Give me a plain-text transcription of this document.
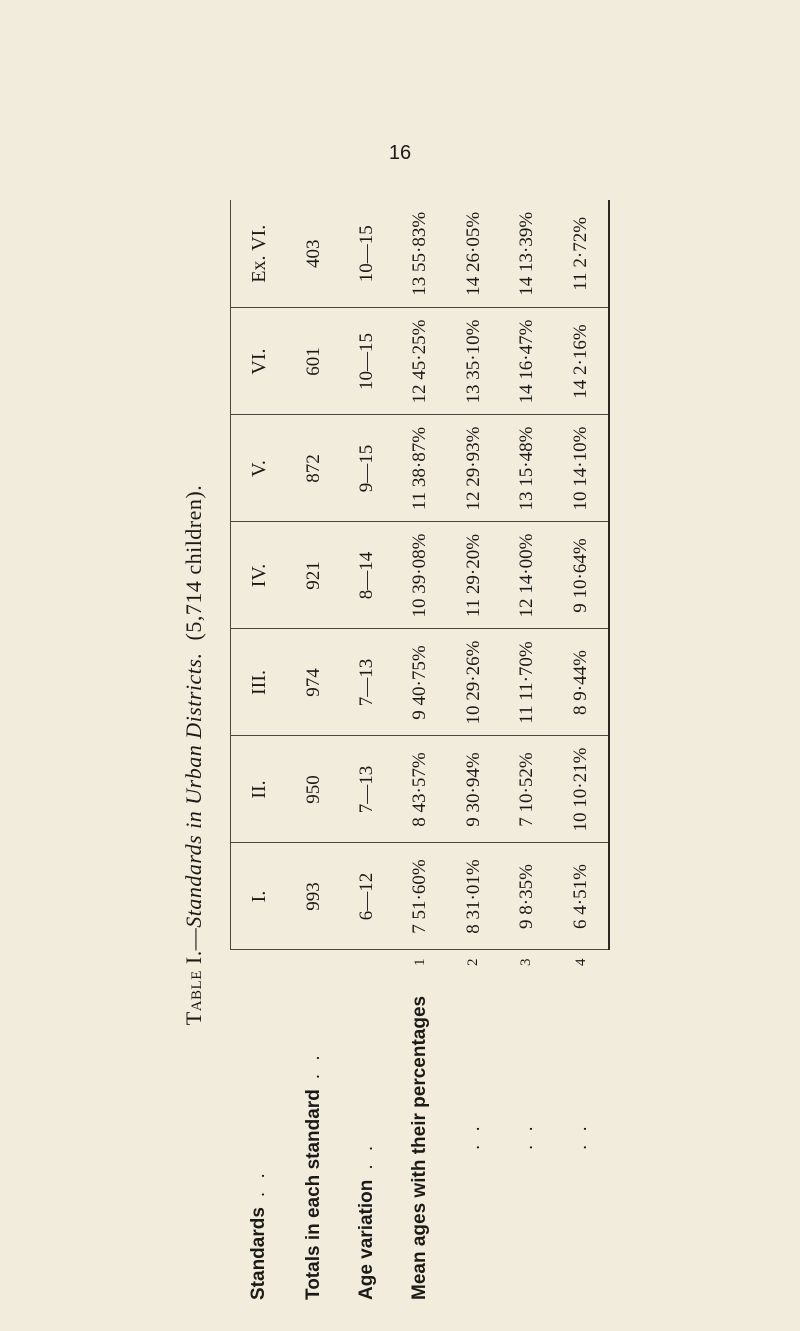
16
Table I.—Standards in Urban Districts.  (5,714 children).
Standards. .		I.	II.	III.	IV.	V.	VI.	Ex. VI.
Totals in each standard. .		993	950	974	921	872	601	403
Age variation. .		6—12	7—13	7—13	8—14	9—15	10—15	10—15
Mean ages with their percentages	1	7 51·60%	8 43·57%	9 40·75%	10 39·08%	11 38·87%	12 45·25%	13 55·83%
. .	2	8 31·01%	9 30·94%	10 29·26%	11 29·20%	12 29·93%	13 35·10%	14 26·05%
. .	3	9 8·35%	7 10·52%	11 11·70%	12 14·00%	13 15·48%	14 16·47%	14 13·39%
. .	4	6 4·51%	10 10·21%	8 9·44%	9 10·64%	10 14·10%	14 2·16%	11 2·72%
